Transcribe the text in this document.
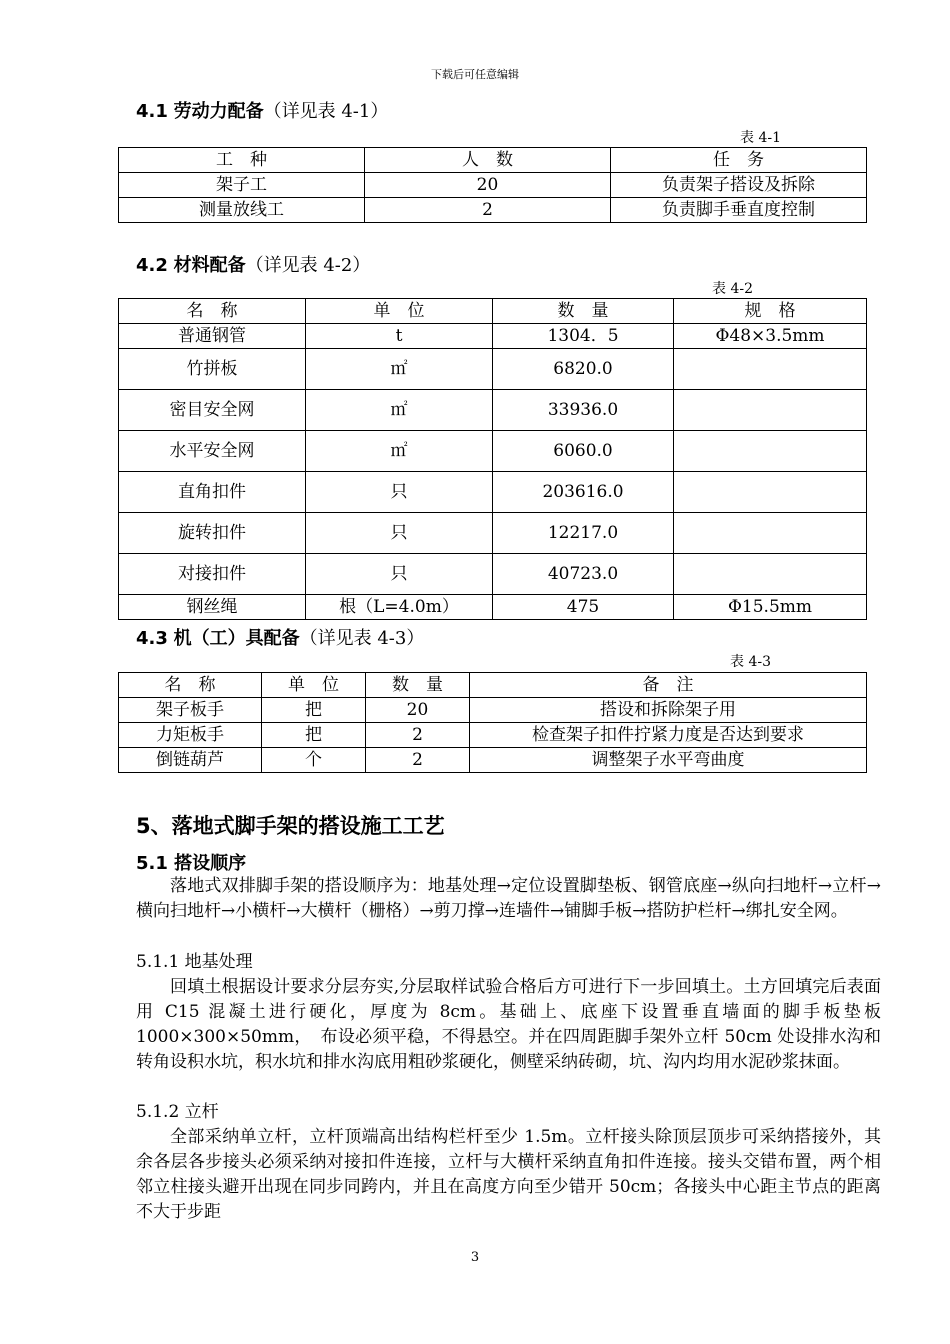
下载后可任意编辑
4.1 劳动力配备（详见表 4-1）
表 4-1
工　种	人　数	任　务
架子工	20	负责架子搭设及拆除
测量放线工	2	负责脚手垂直度控制
4.2 材料配备（详见表 4-2）
表 4-2
名　称	单　位	数　量	规　格
普通钢管	t	1304．5	Φ48×3.5mm
竹拼板	㎡	6820.0	
密目安全网	㎡	33936.0	
水平安全网	㎡	6060.0	
直角扣件	只	203616.0	
旋转扣件	只	12217.0	
对接扣件	只	40723.0	
钢丝绳	根（L=4.0m）	475	Φ15.5mm
4.3 机（工）具配备（详见表 4-3）
表 4-3
名　称	单　位	数　量	备　注
架子板手	把	20	搭设和拆除架子用
力矩板手	把	2	检查架子扣件拧紧力度是否达到要求
倒链葫芦	个	2	调整架子水平弯曲度
5、落地式脚手架的搭设施工工艺
5.1 搭设顺序
落地式双排脚手架的搭设顺序为：地基处理→定位设置脚垫板、钢管底座→纵向扫地杆→立杆→横向扫地杆→小横杆→大横杆（栅格）→剪刀撑→连墙件→铺脚手板→搭防护栏杆→绑扎安全网。
5.1.1 地基处理
回填土根据设计要求分层夯实,分层取样试验合格后方可进行下一步回填土。土方回填完后表面用 C15 混凝土进行硬化，厚度为 8cm。基础上、底座下设置垂直墙面的脚手板垫板 1000×300×50mm，　布设必须平稳，不得悬空。并在四周距脚手架外立杆 50cm 处设排水沟和转角设积水坑，积水坑和排水沟底用粗砂浆硬化，侧壁采纳砖砌，坑、沟内均用水泥砂浆抹面。
5.1.2 立杆
全部采纳单立杆，立杆顶端高出结构栏杆至少 1.5m。立杆接头除顶层顶步可采纳搭接外，其余各层各步接头必须采纳对接扣件连接，立杆与大横杆采纳直角扣件连接。接头交错布置，两个相邻立柱接头避开出现在同步同跨内，并且在高度方向至少错开 50cm；各接头中心距主节点的距离不大于步距
3
